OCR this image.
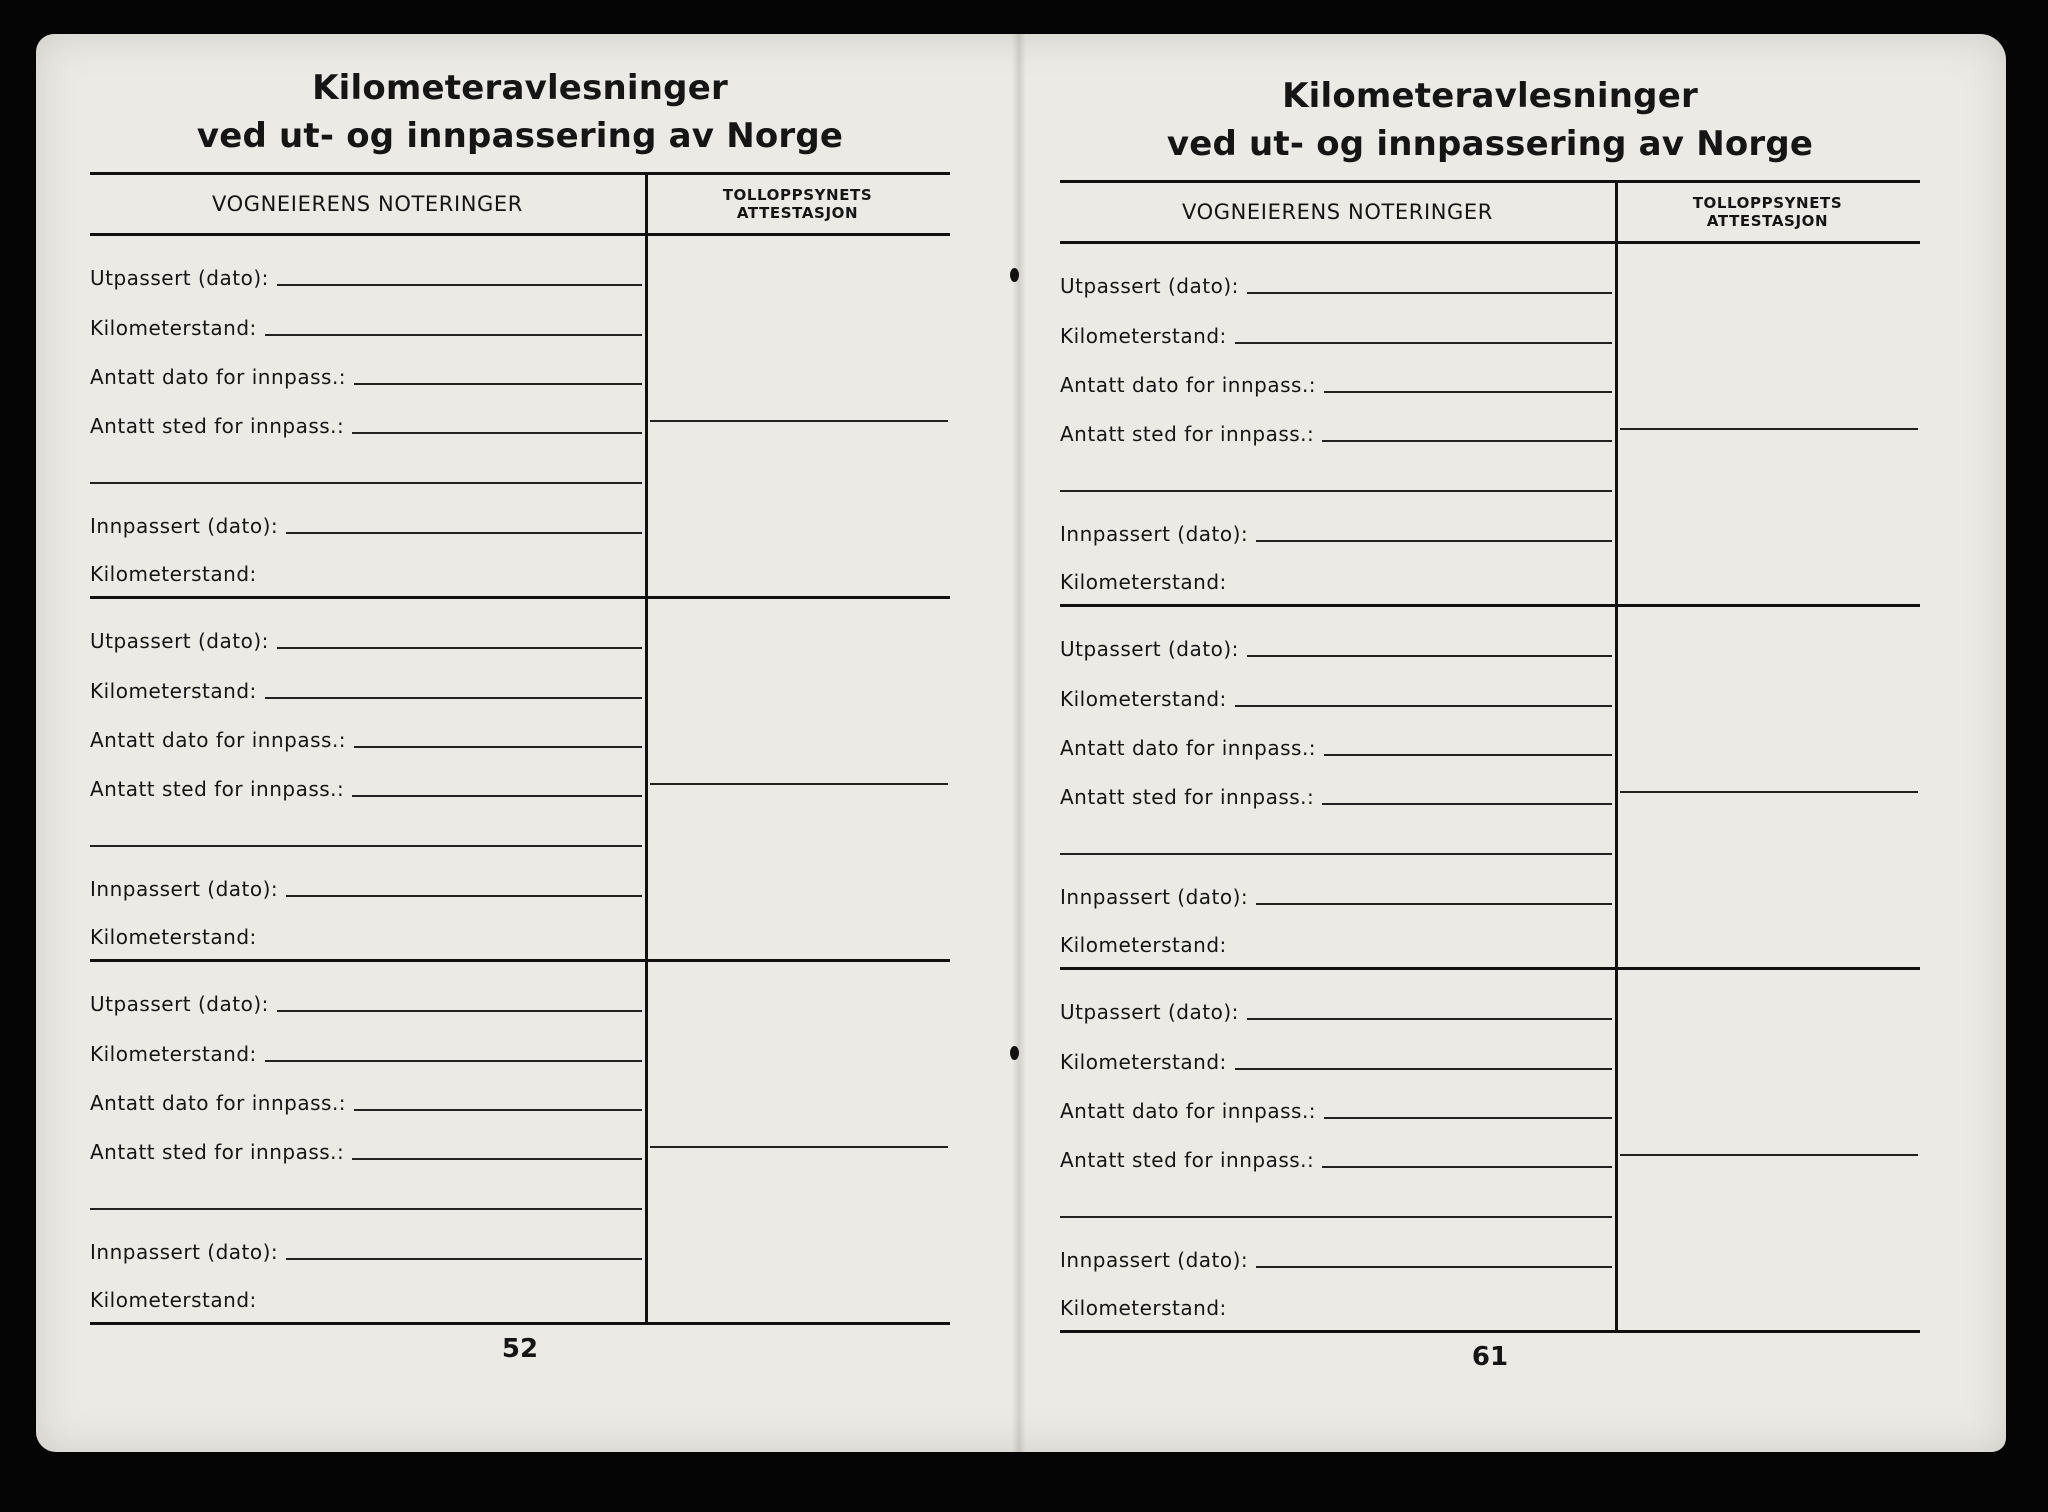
Kilometeravlesninger
ved ut- og innpassering av Norge
VOGNEIERENS NOTERINGER	TOLLOPPSYNETS
ATTESTASJON
Utpassert (dato):
Kilometerstand:
Antatt dato for innpass.:
Antatt sted for innpass.:
Innpassert (dato):
Kilometerstand:
Utpassert (dato):
Kilometerstand:
Antatt dato for innpass.:
Antatt sted for innpass.:
Innpassert (dato):
Kilometerstand:
Utpassert (dato):
Kilometerstand:
Antatt dato for innpass.:
Antatt sted for innpass.:
Innpassert (dato):
Kilometerstand:
52
Kilometeravlesninger
ved ut- og innpassering av Norge
VOGNEIERENS NOTERINGER	TOLLOPPSYNETS
ATTESTASJON
Utpassert (dato):
Kilometerstand:
Antatt dato for innpass.:
Antatt sted for innpass.:
Innpassert (dato):
Kilometerstand:
Utpassert (dato):
Kilometerstand:
Antatt dato for innpass.:
Antatt sted for innpass.:
Innpassert (dato):
Kilometerstand:
Utpassert (dato):
Kilometerstand:
Antatt dato for innpass.:
Antatt sted for innpass.:
Innpassert (dato):
Kilometerstand:
61
